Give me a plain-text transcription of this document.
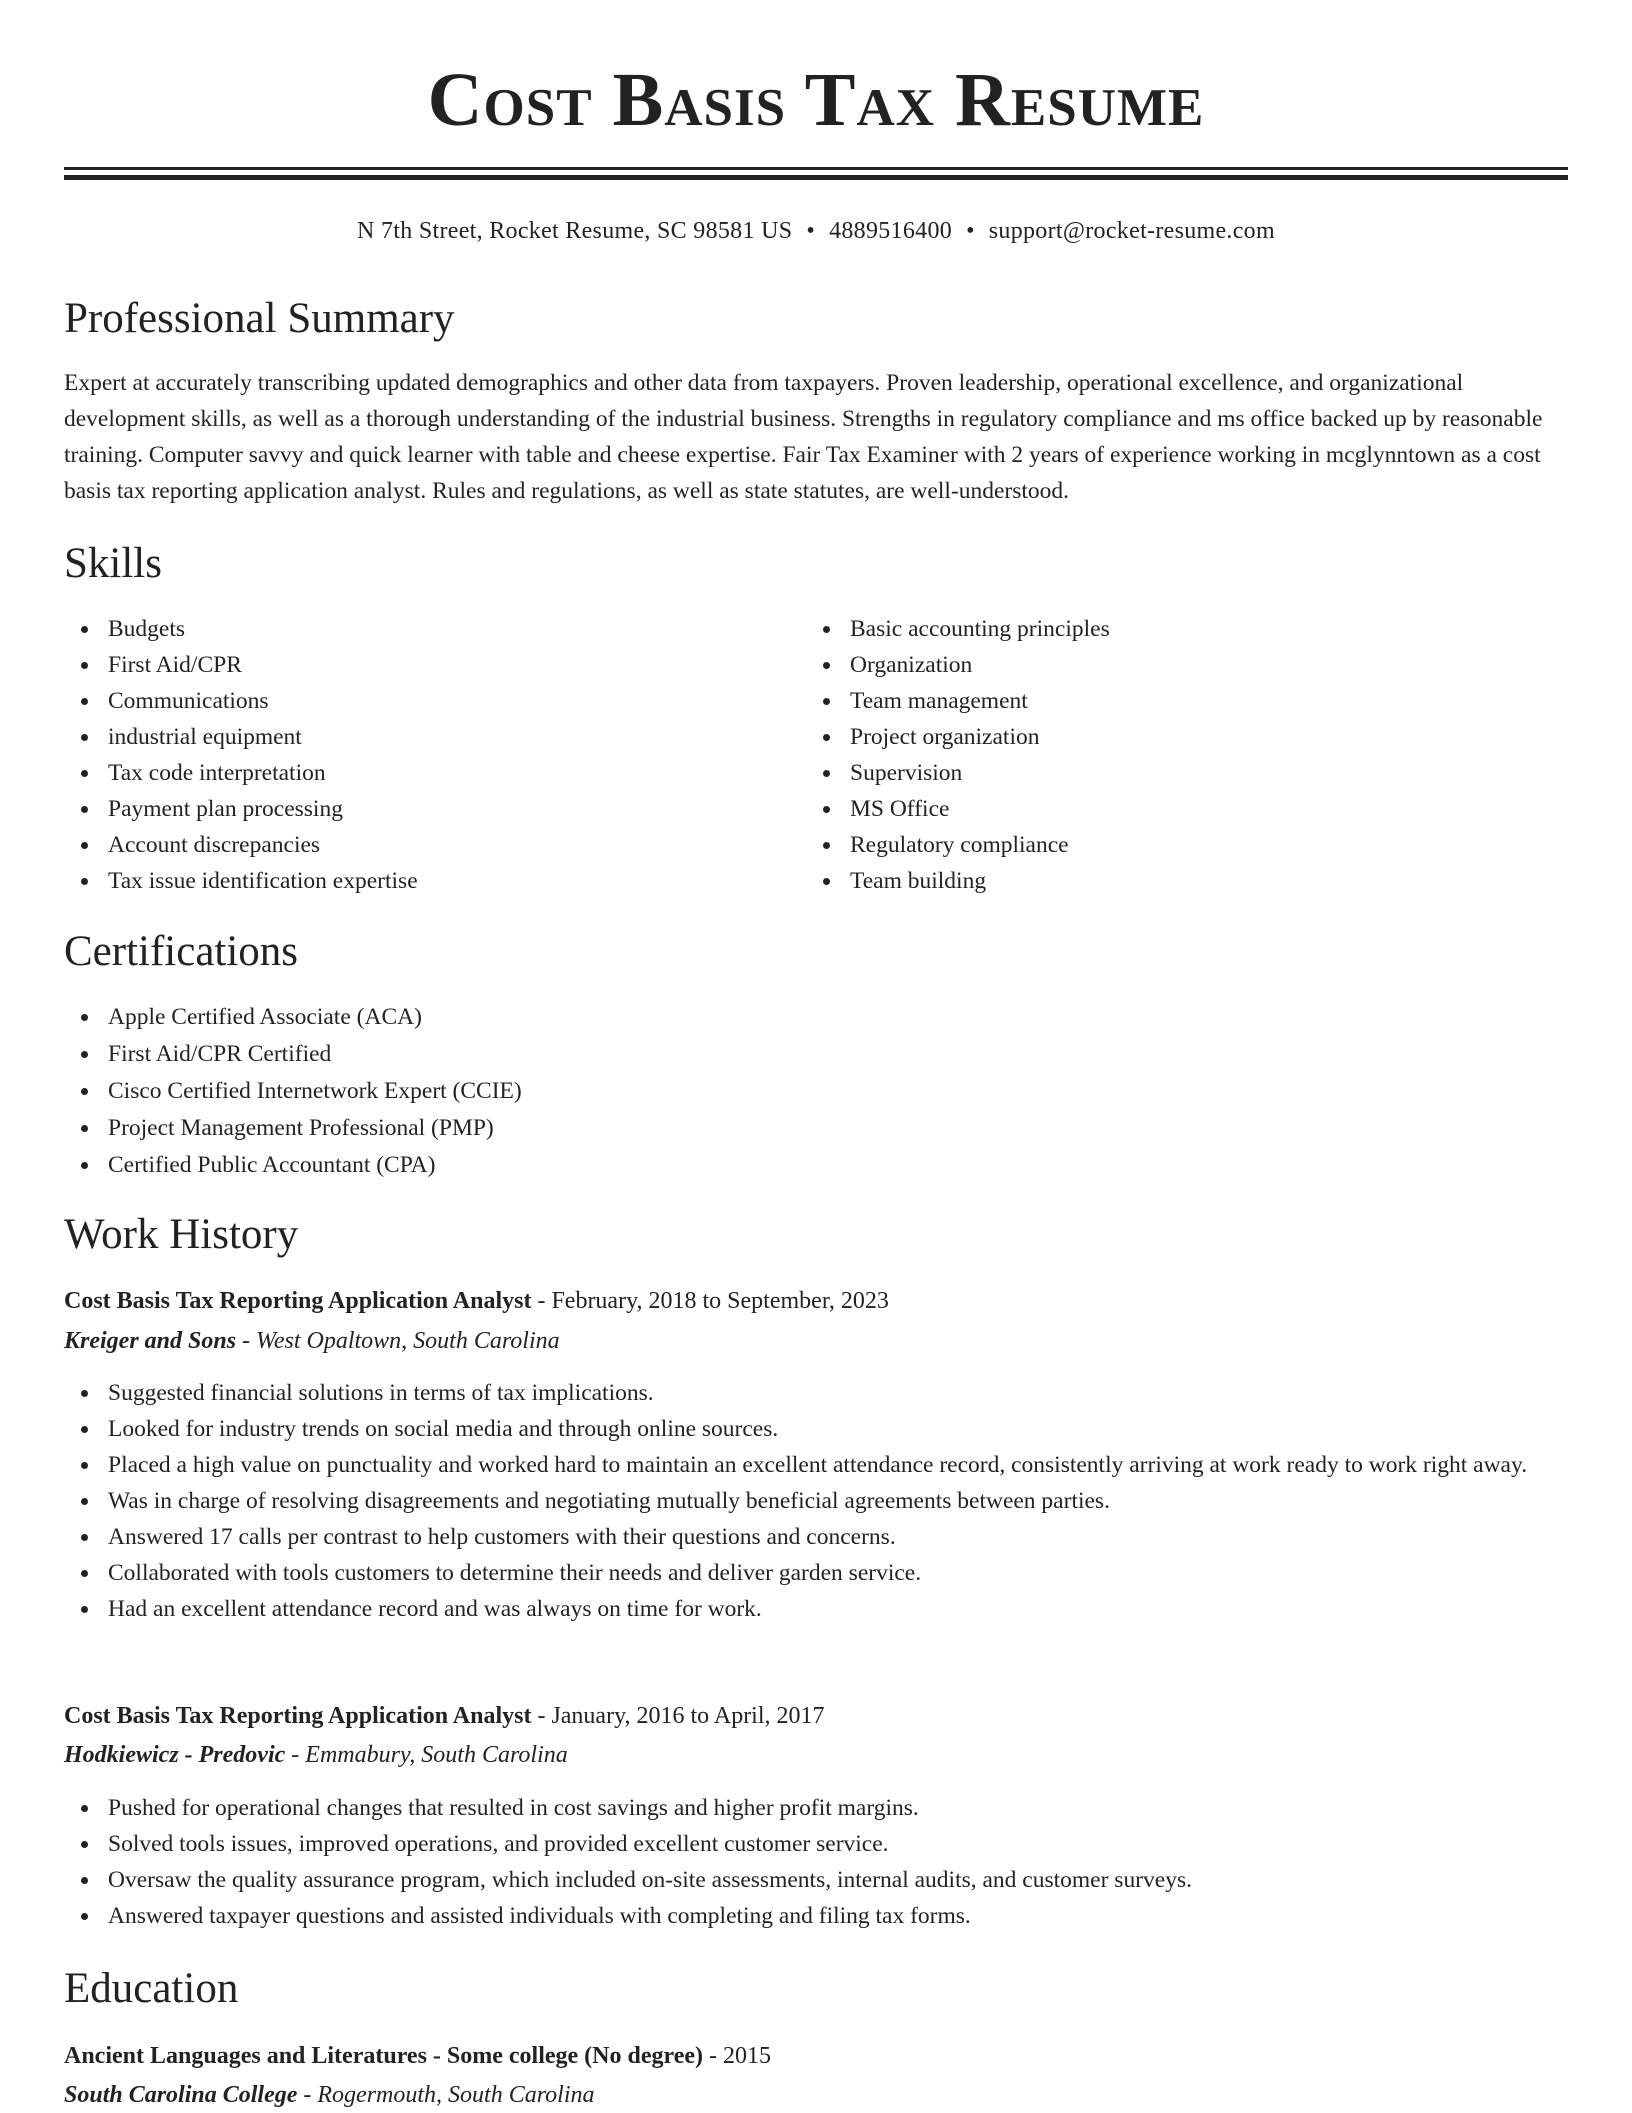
Cost Basis Tax Resume
N 7th Street, Rocket Resume, SC 98581 US • 4889516400 • support@rocket-resume.com
Professional Summary

Expert at accurately transcribing updated demographics and other data from taxpayers. Proven leadership, operational excellence, and organizational development skills, as well as a thorough understanding of the industrial business. Strengths in regulatory compliance and ms office backed up by reasonable training. Computer savvy and quick learner with table and cheese expertise. Fair Tax Examiner with 2 years of experience working in mcglynntown as a cost basis tax reporting application analyst. Rules and regulations, as well as state statutes, are well-understood.

Skills
Budgets
First Aid/CPR
Communications
industrial equipment
Tax code interpretation
Payment plan processing
Account discrepancies
Tax issue identification expertise
Basic accounting principles
Organization
Team management
Project organization
Supervision
MS Office
Regulatory compliance
Team building
Certifications
Apple Certified Associate (ACA)
First Aid/CPR Certified
Cisco Certified Internetwork Expert (CCIE)
Project Management Professional (PMP)
Certified Public Accountant (CPA)
Work History
Cost Basis Tax Reporting Application Analyst - February, 2018 to September, 2023
Kreiger and Sons - West Opaltown, South Carolina
Suggested financial solutions in terms of tax implications.
Looked for industry trends on social media and through online sources.
Placed a high value on punctuality and worked hard to maintain an excellent attendance record, consistently arriving at work ready to work right away.
Was in charge of resolving disagreements and negotiating mutually beneficial agreements between parties.
Answered 17 calls per contrast to help customers with their questions and concerns.
Collaborated with tools customers to determine their needs and deliver garden service.
Had an excellent attendance record and was always on time for work.
Cost Basis Tax Reporting Application Analyst - January, 2016 to April, 2017
Hodkiewicz - Predovic - Emmabury, South Carolina
Pushed for operational changes that resulted in cost savings and higher profit margins.
Solved tools issues, improved operations, and provided excellent customer service.
Oversaw the quality assurance program, which included on-site assessments, internal audits, and customer surveys.
Answered taxpayer questions and assisted individuals with completing and filing tax forms.
Education
Ancient Languages and Literatures - Some college (No degree) - 2015
South Carolina College - Rogermouth, South Carolina
